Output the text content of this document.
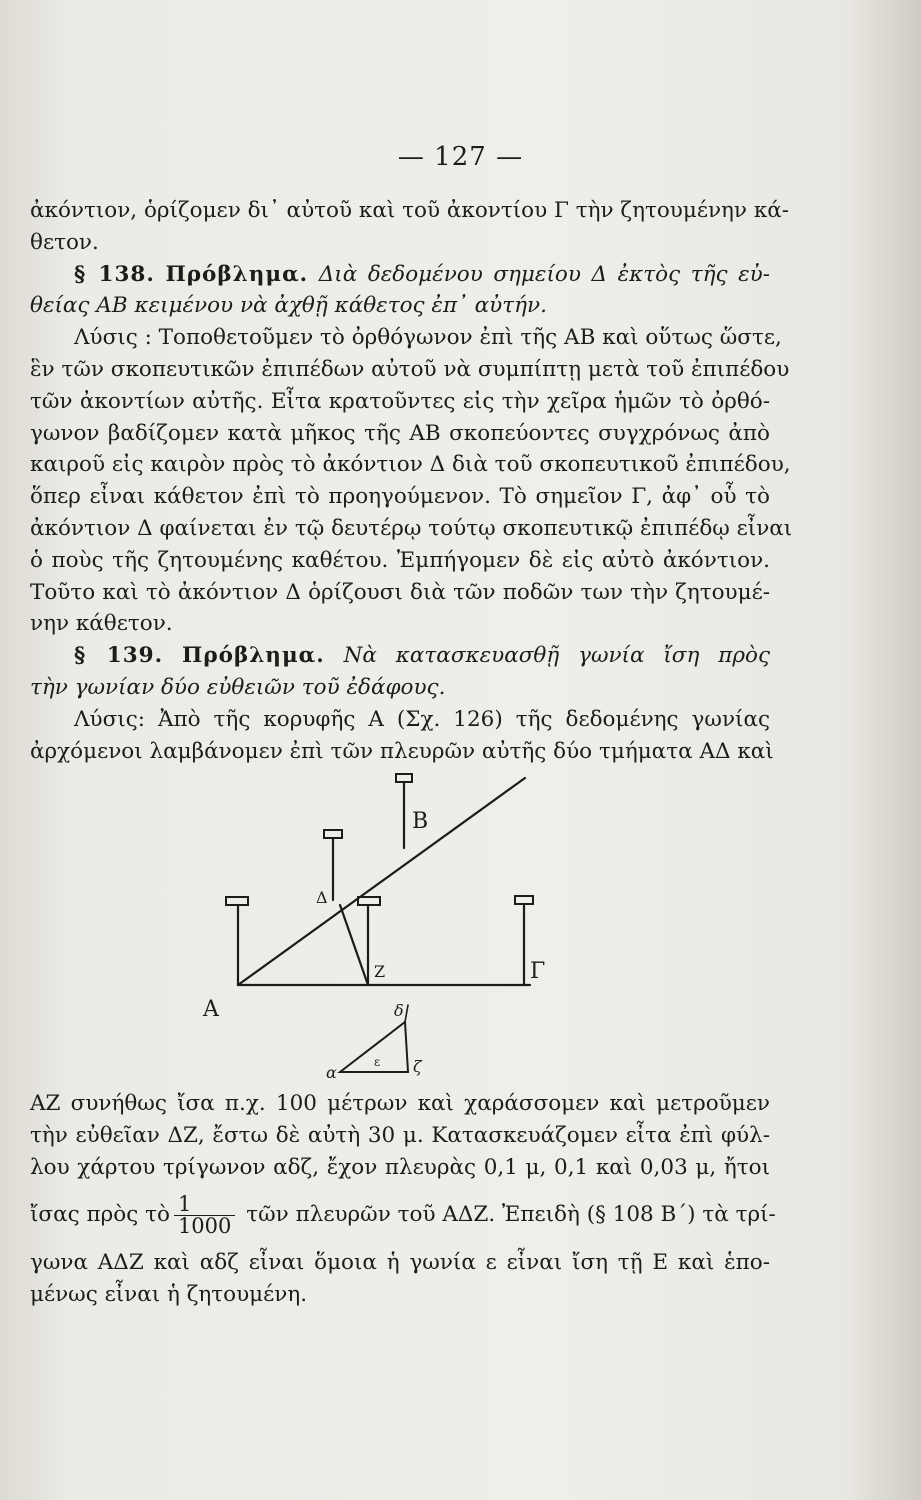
— 127 —
ἀκόντιον, ὁρίζομεν δι᾽ αὐτοῦ καὶ τοῦ ἀκοντίου Γ τὴν ζητουμένην κά-
θετον.
§ 138. Πρόβλημα. Διὰ δεδομένου σημείου Δ ἐκτὸς τῆς εὐ-
θείας ΑΒ κειμένου νὰ ἀχθῇ κάθετος ἐπ᾽ αὐτήν.
Λύσις : Τοποθετοῦμεν τὸ ὀρθόγωνον ἐπὶ τῆς ΑΒ καὶ οὕτως ὥστε,
ἓν τῶν σκοπευτικῶν ἐπιπέδων αὐτοῦ νὰ συμπίπτῃ μετὰ τοῦ ἐπιπέδου
τῶν ἀκοντίων αὐτῆς. Εἶτα κρατοῦντες εἰς τὴν χεῖρα ἡμῶν τὸ ὀρθό-
γωνον βαδίζομεν κατὰ μῆκος τῆς ΑΒ σκοπεύοντες συγχρόνως ἀπὸ
καιροῦ εἰς καιρὸν πρὸς τὸ ἀκόντιον Δ διὰ τοῦ σκοπευτικοῦ ἐπιπέδου,
ὅπερ εἶναι κάθετον ἐπὶ τὸ προηγούμενον. Τὸ σημεῖον Γ, ἀφ᾽ οὗ τὸ
ἀκόντιον Δ φαίνεται ἐν τῷ δευτέρῳ τούτῳ σκοπευτικῷ ἐπιπέδῳ εἶναι
ὁ ποὺς τῆς ζητουμένης καθέτου. Ἐμπήγομεν δὲ εἰς αὐτὸ ἀκόντιον.
Τοῦτο καὶ τὸ ἀκόντιον Δ ὁρίζουσι διὰ τῶν ποδῶν των τὴν ζητουμέ-
νην κάθετον.
§ 139. Πρόβλημα. Νὰ κατασκευασθῇ γωνία ἴση πρὸς
τὴν γωνίαν δύο εὐθειῶν τοῦ ἐδάφους.
Λύσις: Ἀπὸ τῆς κορυφῆς Α (Σχ. 126) τῆς δεδομένης γωνίας
ἀρχόμενοι λαμβάνομεν ἐπὶ τῶν πλευρῶν αὐτῆς δύο τμήματα ΑΔ καὶ
Α
B
Δ
Z	Γ
α
δ
ζ
ε
ΑΖ συνήθως ἴσα π.χ. 100 μέτρων καὶ χαράσσομεν καὶ μετροῦμεν
τὴν εὐθεῖαν ΔΖ, ἔστω δὲ αὐτὴ 30 μ. Κατασκευάζομεν εἶτα ἐπὶ φύλ-
λου χάρτου τρίγωνον αδζ, ἔχον πλευρὰς 0,1 μ, 0,1 καὶ 0,03 μ, ἤτοι
ἴσας πρὸς τὸ $\frac{1}{1000}$ τῶν πλευρῶν τοῦ ΑΔΖ. Ἐπειδὴ (§ 108 Β΄) τὰ τρί-
γωνα ΑΔΖ καὶ αδζ εἶναι ὅμοια ἡ γωνία ε εἶναι ἴση τῇ Ε καὶ ἑπο-
μένως εἶναι ἡ ζητουμένη.
